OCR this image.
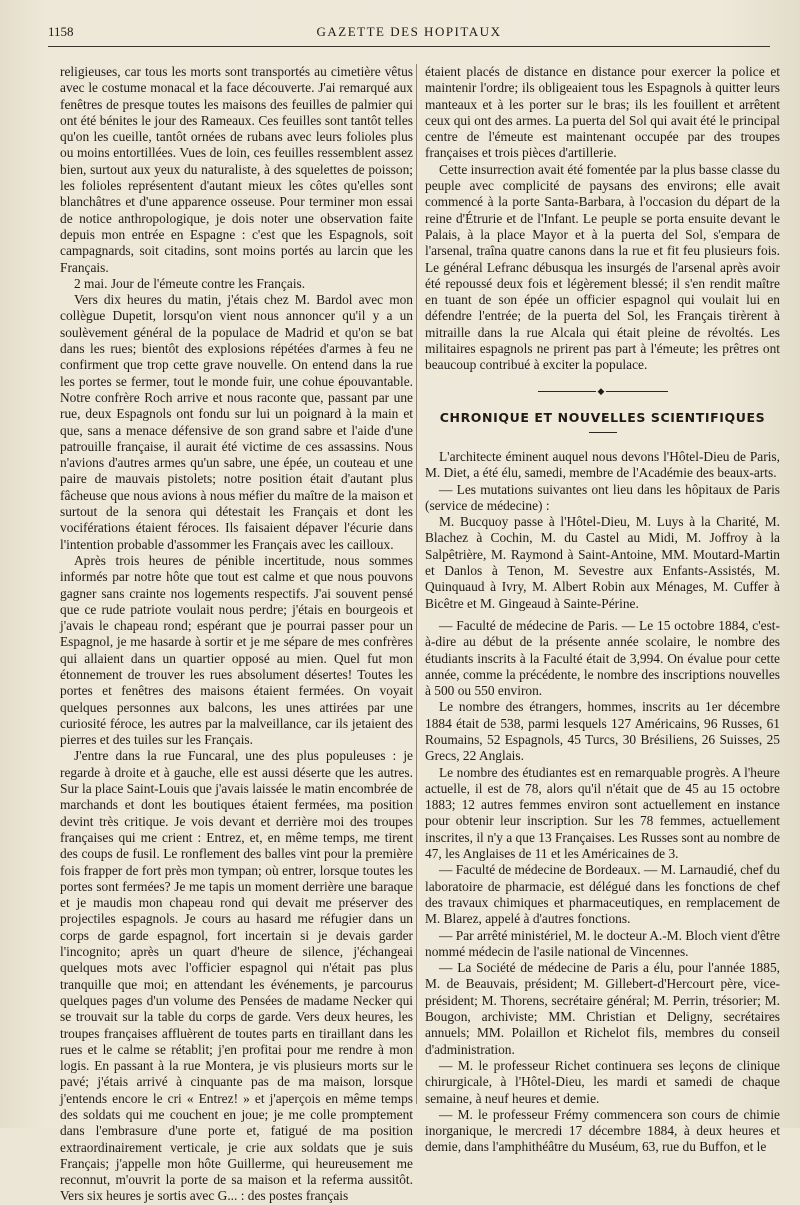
1158	GAZETTE DES HOPITAUX

religieuses, car tous les morts sont transportés au cimetière vêtus avec le costume monacal et la face découverte. J'ai remarqué aux fenêtres de presque toutes les maisons des feuilles de palmier qui ont été bénites le jour des Rameaux. Ces feuilles sont tantôt telles qu'on les cueille, tantôt ornées de rubans avec leurs folioles plus ou moins entortillées. Vues de loin, ces feuilles ressemblent assez bien, surtout aux yeux du naturaliste, à des squelettes de poisson; les folioles représentent d'autant mieux les côtes qu'elles sont blanchâtres et d'une apparence osseuse. Pour terminer mon essai de notice anthropologique, je dois noter une observation faite depuis mon entrée en Espagne : c'est que les Espagnols, soit campagnards, soit citadins, sont moins portés au larcin que les Français.

2 mai. Jour de l'émeute contre les Français.

Vers dix heures du matin, j'étais chez M. Bardol avec mon collègue Dupetit, lorsqu'on vient nous annoncer qu'il y a un soulèvement général de la populace de Madrid et qu'on se bat dans les rues; bientôt des explosions répétées d'armes à feu ne confirment que trop cette grave nouvelle. On entend dans la rue les portes se fermer, tout le monde fuir, une cohue épouvantable. Notre confrère Roch arrive et nous raconte que, passant par une rue, deux Espagnols ont fondu sur lui un poignard à la main et que, sans a menace défensive de son grand sabre et l'aide d'une patrouille française, il aurait été victime de ces assassins. Nous n'avions d'autres armes qu'un sabre, une épée, un couteau et une paire de mauvais pistolets; notre position était d'autant plus fâcheuse que nous avions à nous méfier du maître de la maison et surtout de la senora qui détestait les Français et dont les vociférations étaient féroces. Ils faisaient dépaver l'écurie dans l'intention probable d'assommer les Français avec les cailloux.

Après trois heures de pénible incertitude, nous sommes informés par notre hôte que tout est calme et que nous pouvons gagner sans crainte nos logements respectifs. J'ai souvent pensé que ce rude patriote voulait nous perdre; j'étais en bourgeois et j'avais le chapeau rond; espérant que je pourrai passer pour un Espagnol, je me hasarde à sortir et je me sépare de mes confrères qui allaient dans un quartier opposé au mien. Quel fut mon étonnement de trouver les rues absolument désertes! Toutes les portes et fenêtres des maisons étaient fermées. On voyait quelques personnes aux balcons, les unes attirées par une curiosité féroce, les autres par la malveillance, car ils jetaient des pierres et des tuiles sur les Français.

J'entre dans la rue Funcaral, une des plus populeuses : je regarde à droite et à gauche, elle est aussi déserte que les autres. Sur la place Saint-Louis que j'avais laissée le matin encombrée de marchands et dont les boutiques étaient fermées, ma position devint très critique. Je vois devant et derrière moi des troupes françaises qui me crient : Entrez, et, en même temps, me tirent des coups de fusil. Le ronflement des balles vint pour la première fois frapper de fort près mon tympan; où entrer, lorsque toutes les portes sont fermées? Je me tapis un moment derrière une baraque et je maudis mon chapeau rond qui devait me préserver des projectiles espagnols. Je cours au hasard me réfugier dans un corps de garde espagnol, fort incertain si je devais garder l'incognito; après un quart d'heure de silence, j'échangeai quelques mots avec l'officier espagnol qui n'était pas plus tranquille que moi; en attendant les événements, je parcourus quelques pages d'un volume des Pensées de madame Necker qui se trouvait sur la table du corps de garde. Vers deux heures, les troupes françaises affluèrent de toutes parts en tiraillant dans les rues et le calme se rétablit; j'en profitai pour me rendre à mon logis. En passant à la rue Montera, je vis plusieurs morts sur le pavé; j'étais arrivé à cinquante pas de ma maison, lorsque j'entends encore le cri « Entrez! » et j'aperçois en même temps des soldats qui me couchent en joue; je me colle promptement dans l'embrasure d'une porte et, fatigué de ma position extraordinairement verticale, je crie aux soldats que je suis Français; j'appelle mon hôte Guillerme, qui heureusement me reconnut, m'ouvrit la porte de sa maison et la referma aussitôt. Vers six heures je sortis avec G... : des postes français

étaient placés de distance en distance pour exercer la police et maintenir l'ordre; ils obligeaient tous les Espagnols à quitter leurs manteaux et à les porter sur le bras; ils les fouillent et arrêtent ceux qui ont des armes. La puerta del Sol qui avait été le principal centre de l'émeute est maintenant occupée par des troupes françaises et trois pièces d'artillerie.

Cette insurrection avait été fomentée par la plus basse classe du peuple avec complicité de paysans des environs; elle avait commencé à la porte Santa-Barbara, à l'occasion du départ de la reine d'Étrurie et de l'Infant. Le peuple se porta ensuite devant le Palais, à la place Mayor et à la puerta del Sol, s'empara de l'arsenal, traîna quatre canons dans la rue et fit feu plusieurs fois. Le général Lefranc débusqua les insurgés de l'arsenal après avoir été repoussé deux fois et légèrement blessé; il s'en rendit maître en tuant de son épée un officier espagnol qui voulait lui en défendre l'entrée; de la puerta del Sol, les Français tirèrent à mitraille dans la rue Alcala qui était pleine de révoltés. Les militaires espagnols ne prirent pas part à l'émeute; les prêtres ont beaucoup contribué à exciter la populace.

◆
CHRONIQUE ET NOUVELLES SCIENTIFIQUES

L'architecte éminent auquel nous devons l'Hôtel-Dieu de Paris, M. Diet, a été élu, samedi, membre de l'Académie des beaux-arts.

— Les mutations suivantes ont lieu dans les hôpitaux de Paris (service de médecine) :

M. Bucquoy passe à l'Hôtel-Dieu, M. Luys à la Charité, M. Blachez à Cochin, M. du Castel au Midi, M. Joffroy à la Salpêtrière, M. Raymond à Saint-Antoine, MM. Moutard-Martin et Danlos à Tenon, M. Sevestre aux Enfants-Assistés, M. Quinquaud à Ivry, M. Albert Robin aux Ménages, M. Cuffer à Bicêtre et M. Gingeaud à Sainte-Périne.

— Faculté de médecine de Paris. — Le 15 octobre 1884, c'est-à-dire au début de la présente année scolaire, le nombre des étudiants inscrits à la Faculté était de 3,994. On évalue pour cette année, comme la précédente, le nombre des inscriptions nouvelles à 500 ou 550 environ.

Le nombre des étrangers, hommes, inscrits au 1er décembre 1884 était de 538, parmi lesquels 127 Américains, 96 Russes, 61 Roumains, 52 Espagnols, 45 Turcs, 30 Brésiliens, 26 Suisses, 25 Grecs, 22 Anglais.

Le nombre des étudiantes est en remarquable progrès. A l'heure actuelle, il est de 78, alors qu'il n'était que de 45 au 15 octobre 1883; 12 autres femmes environ sont actuellement en instance pour obtenir leur inscription. Sur les 78 femmes, actuellement inscrites, il n'y a que 13 Françaises. Les Russes sont au nombre de 47, les Anglaises de 11 et les Américaines de 3.

— Faculté de médecine de Bordeaux. — M. Larnaudié, chef du laboratoire de pharmacie, est délégué dans les fonctions de chef des travaux chimiques et pharmaceutiques, en remplacement de M. Blarez, appelé à d'autres fonctions.

— Par arrêté ministériel, M. le docteur A.-M. Bloch vient d'être nommé médecin de l'asile national de Vincennes.

— La Société de médecine de Paris a élu, pour l'année 1885, M. de Beauvais, président; M. Gillebert-d'Hercourt père, vice-président; M. Thorens, secrétaire général; M. Perrin, trésorier; M. Bougon, archiviste; MM. Christian et Deligny, secrétaires annuels; MM. Polaillon et Richelot fils, membres du conseil d'administration.

— M. le professeur Richet continuera ses leçons de clinique chirurgicale, à l'Hôtel-Dieu, les mardi et samedi de chaque semaine, à neuf heures et demie.

— M. le professeur Frémy commencera son cours de chimie inorganique, le mercredi 17 décembre 1884, à deux heures et demie, dans l'amphithéâtre du Muséum, 63, rue du Buffon, et le
